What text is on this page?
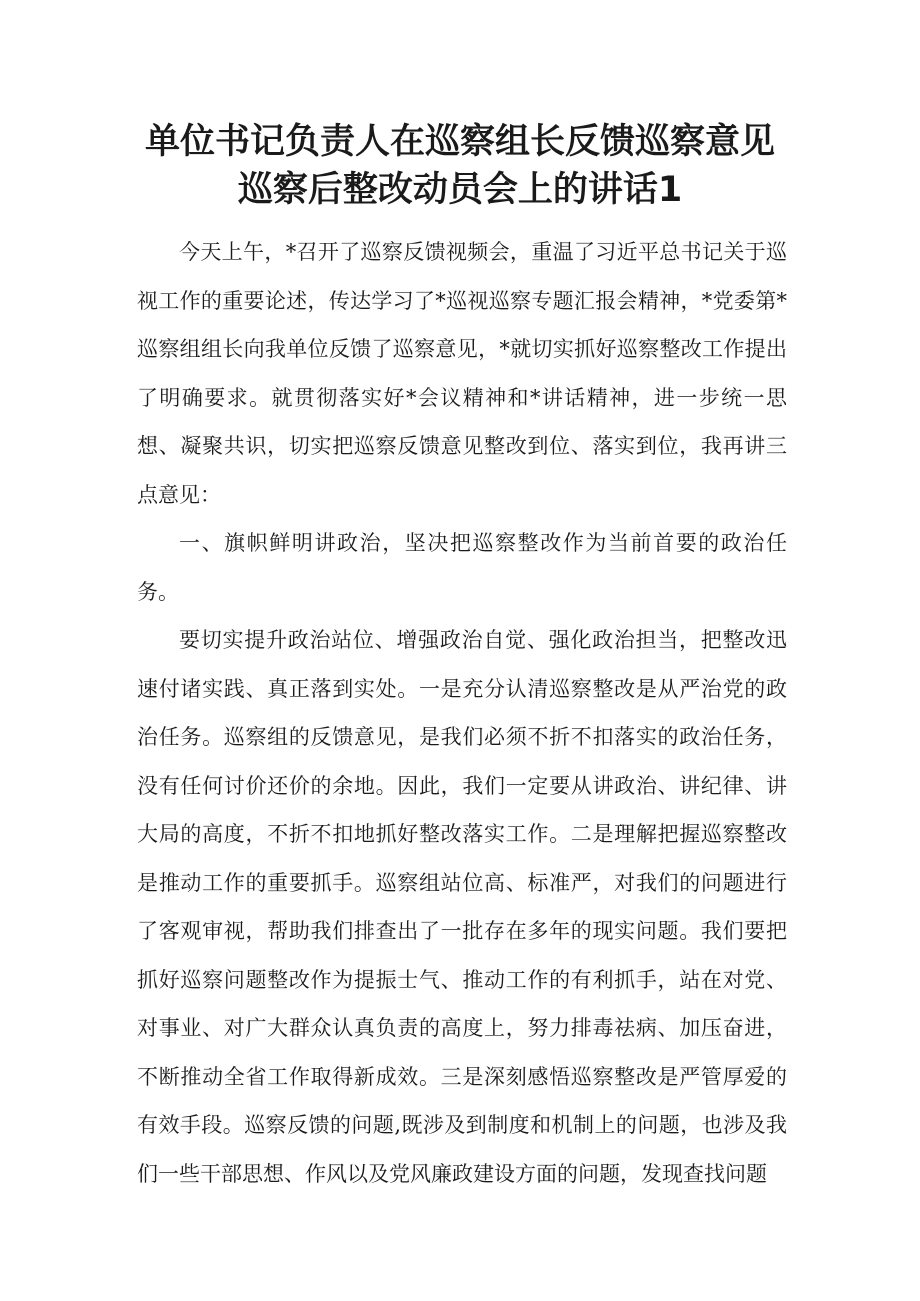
单位书记负责人在巡察组长反馈巡察意见
巡察后整改动员会上的讲话1

今天上午，*召开了巡察反馈视频会，重温了习近平总书记关于巡视工作的重要论述，传达学习了*巡视巡察专题汇报会精神，*党委第*巡察组组长向我单位反馈了巡察意见，*就切实抓好巡察整改工作提出了明确要求。就贯彻落实好*会议精神和*讲话精神，进一步统一思想、凝聚共识，切实把巡察反馈意见整改到位、落实到位，我再讲三点意见：

一、旗帜鲜明讲政治，坚决把巡察整改作为当前首要的政治任务。

要切实提升政治站位、增强政治自觉、强化政治担当，把整改迅速付诸实践、真正落到实处。一是充分认清巡察整改是从严治党的政治任务。巡察组的反馈意见，是我们必须不折不扣落实的政治任务，没有任何讨价还价的余地。因此，我们一定要从讲政治、讲纪律、讲大局的高度，不折不扣地抓好整改落实工作。二是理解把握巡察整改是推动工作的重要抓手。巡察组站位高、标准严，对我们的问题进行了客观审视，帮助我们排查出了一批存在多年的现实问题。我们要把抓好巡察问题整改作为提振士气、推动工作的有利抓手，站在对党、对事业、对广大群众认真负责的高度上，努力排毒祛病、加压奋进，不断推动全省工作取得新成效。三是深刻感悟巡察整改是严管厚爱的有效手段。巡察反馈的问题,既涉及到制度和机制上的问题，也涉及我们一些干部思想、作风以及党风廉政建设方面的问题，发现查找问题
